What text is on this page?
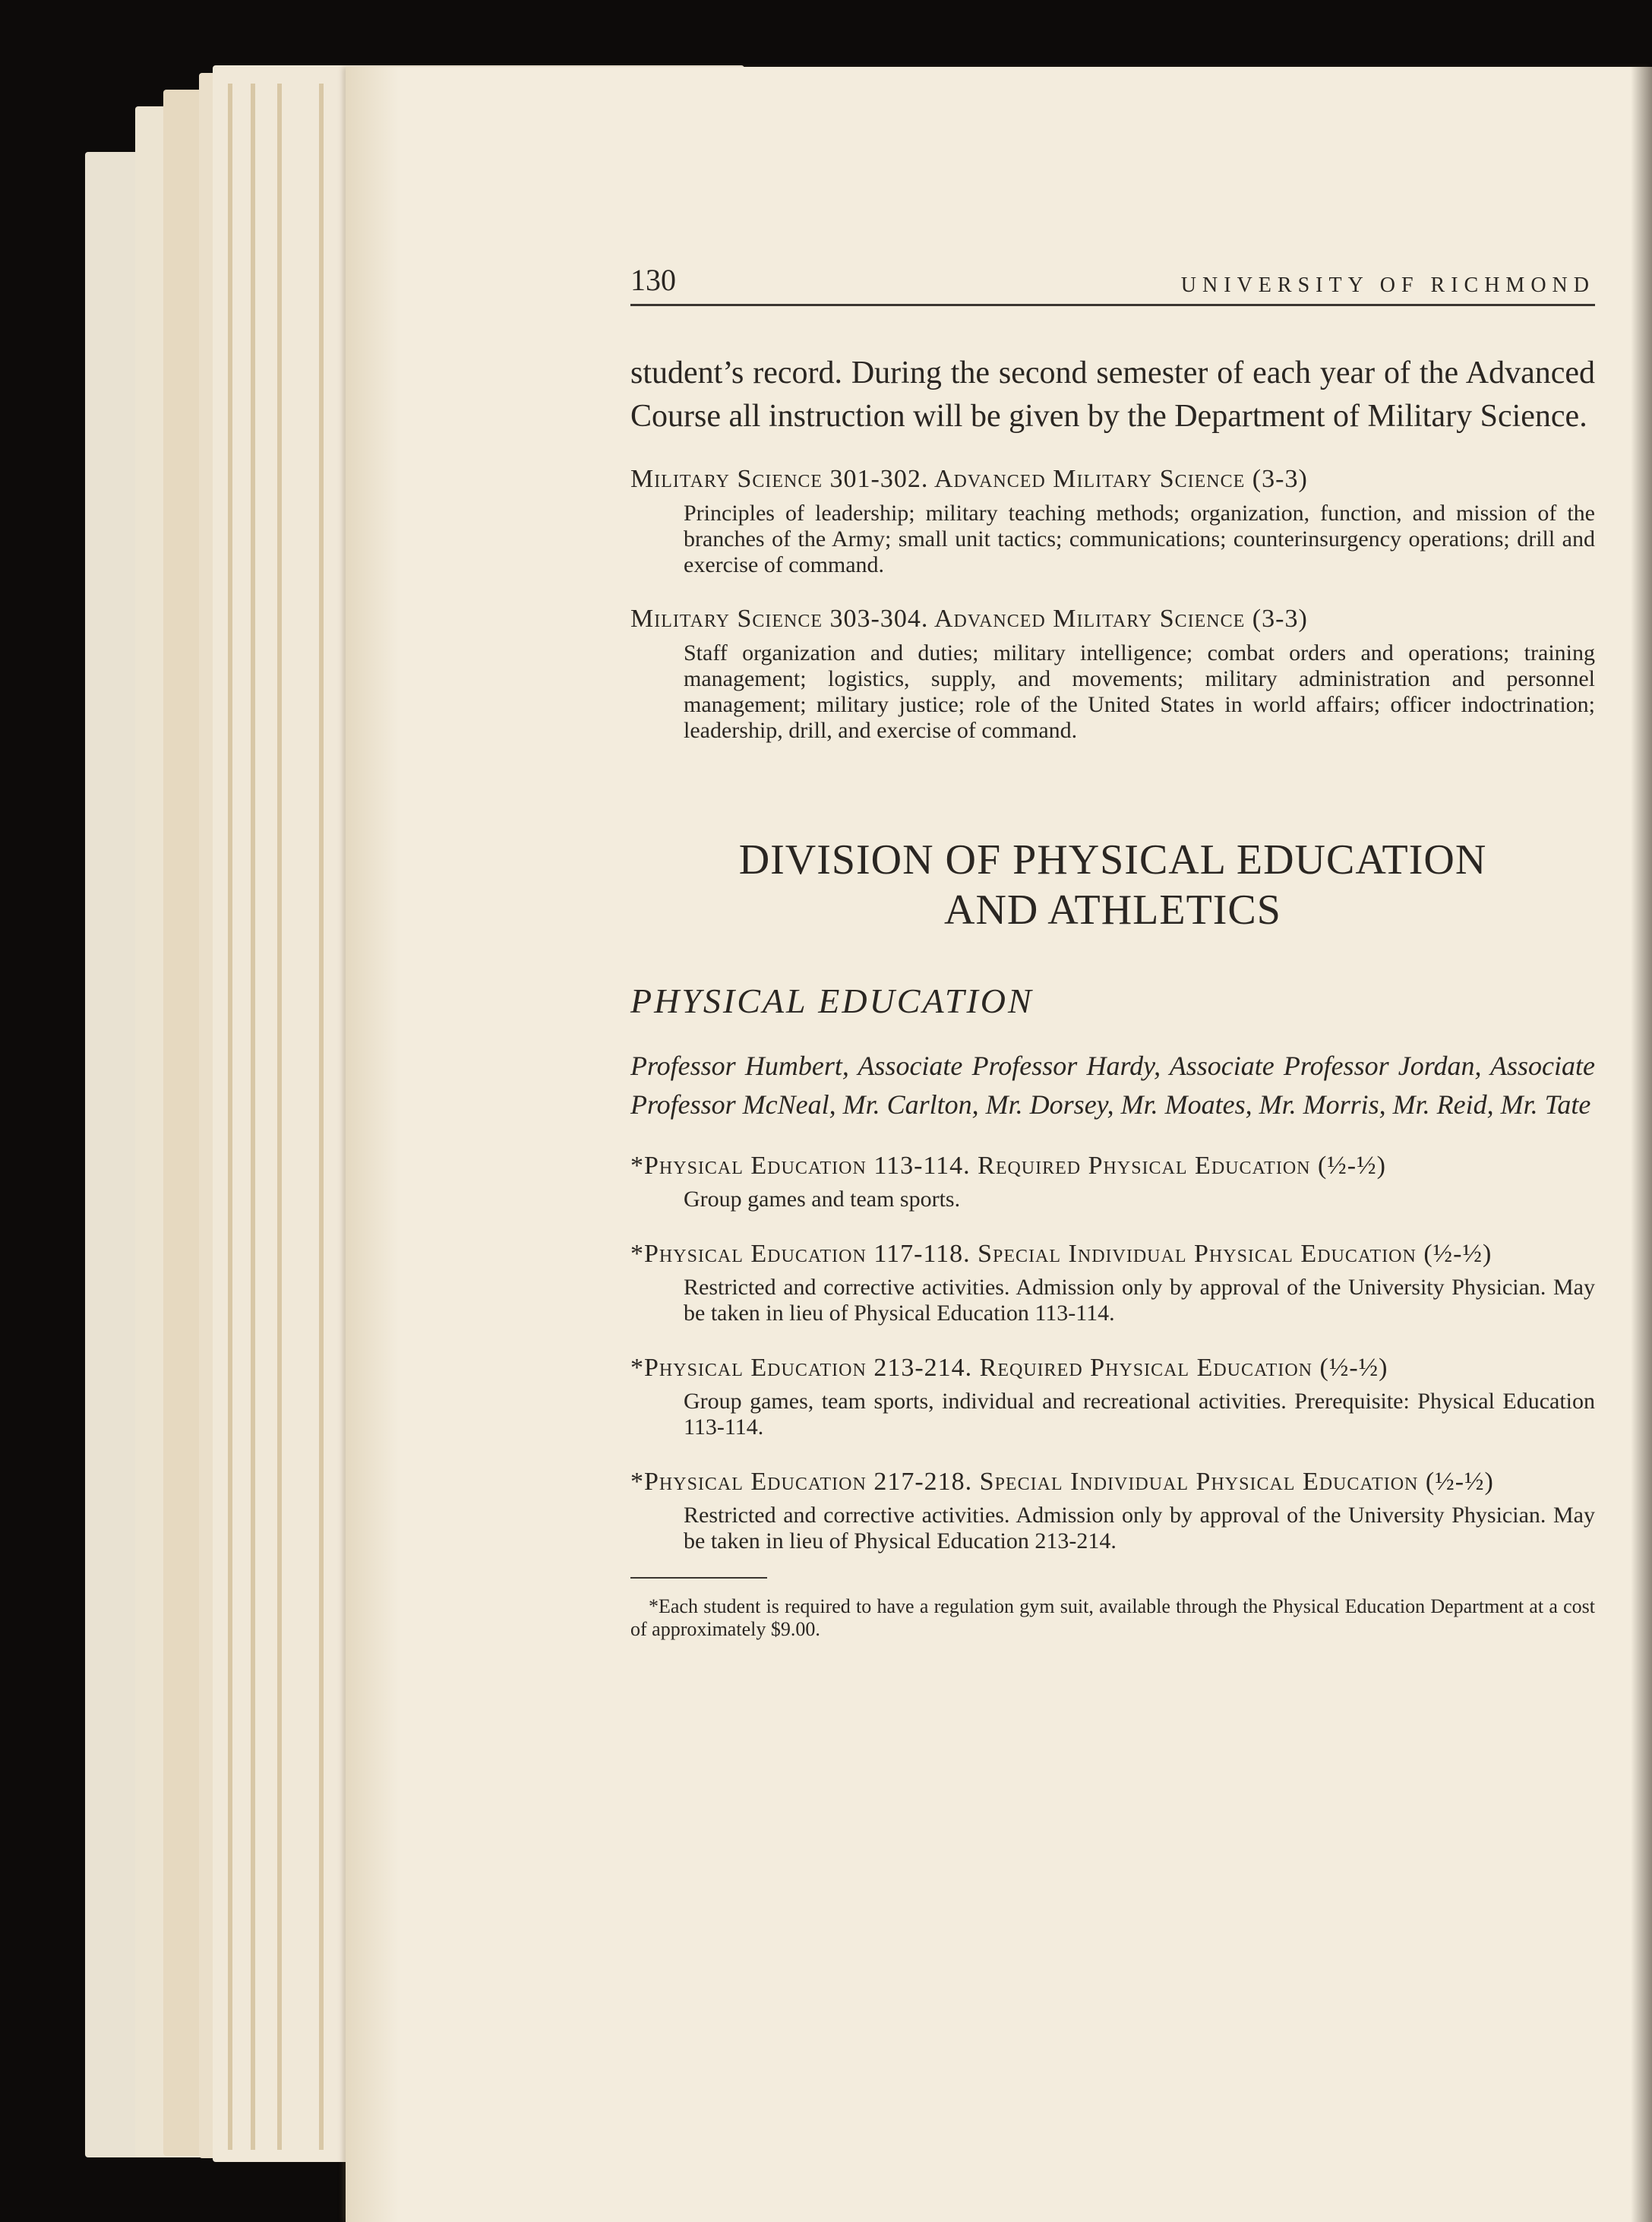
130	UNIVERSITY OF RICHMOND

student’s record. During the second semester of each year of the Advanced Course all instruction will be given by the Department of Military Science.

Military Science 301-302. Advanced Military Science (3-3)

Principles of leadership; military teaching methods; organization, function, and mission of the branches of the Army; small unit tactics; communications; counterinsurgency operations; drill and exercise of command.

Military Science 303-304. Advanced Military Science (3-3)

Staff organization and duties; military intelligence; combat orders and operations; training management; logistics, supply, and movements; military administration and personnel management; military justice; role of the United States in world affairs; officer indoctrination; leadership, drill, and exercise of command.

DIVISION OF PHYSICAL EDUCATION
AND ATHLETICS

PHYSICAL EDUCATION

Professor Humbert, Associate Professor Hardy, Associate Professor Jordan, Associate Professor McNeal, Mr. Carlton, Mr. Dorsey, Mr. Moates, Mr. Morris, Mr. Reid, Mr. Tate

*Physical Education 113-114. Required Physical Education (½-½)

Group games and team sports.

*Physical Education 117-118. Special Individual Physical Education (½-½)

Restricted and corrective activities. Admission only by approval of the University Physician. May be taken in lieu of Physical Education 113-114.

*Physical Education 213-214. Required Physical Education (½-½)

Group games, team sports, individual and recreational activities. Prerequisite: Physical Education 113-114.

*Physical Education 217-218. Special Individual Physical Education (½-½)

Restricted and corrective activities. Admission only by approval of the University Physician. May be taken in lieu of Physical Education 213-214.

*Each student is required to have a regulation gym suit, available through the Physical Education Department at a cost of approximately $9.00.
